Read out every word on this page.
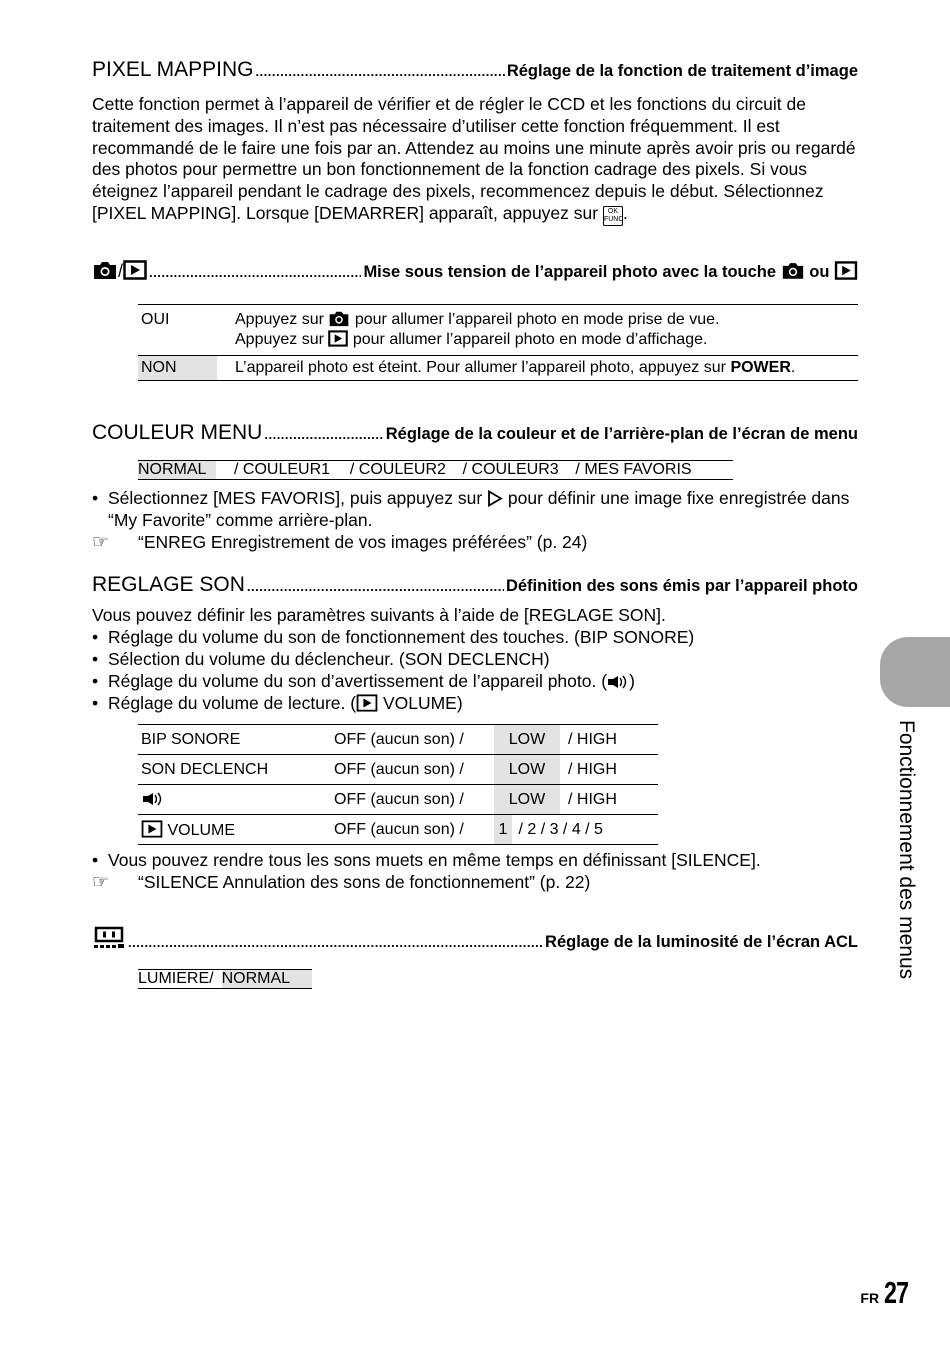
PIXEL MAPPING .....	Réglage de la fonction de traitement d’image

Cette fonction permet à l’appareil de vérifier et de régler le CCD et les fonctions du circuit de traitement des images. Il n’est pas nécessaire d’utiliser cette fonction fréquemment. Il est recommandé de le faire une fois par an. Attendez au moins une minute après avoir pris ou regardé des photos pour permettre un bon fonctionnement de la fonction cadrage des pixels. Si vous éteignez l’appareil pendant le cadrage des pixels, recommencez depuis le début. Sélectionnez [PIXEL MAPPING]. Lorsque [DEMARRER] apparaît, appuyez sur OK
FUNC.

/ .....	Mise sous tension de l’appareil photo avec la touche ou
OUI	Appuyez sur pour allumer l’appareil photo en mode prise de vue.
Appuyez sur pour allumer l’appareil photo en mode d’affichage.
NON	L’appareil photo est éteint. Pour allumer l’appareil photo, appuyez sur POWER.
COULEUR MENU .....	Réglage de la couleur et de l’arrière-plan de l’écran de menu
NORMAL	/ COULEUR1	/ COULEUR2	/ COULEUR3	/ MES FAVORIS
• Sélectionnez [MES FAVORIS], puis appuyez sur pour définir une image fixe enregistrée dans “My Favorite” comme arrière-plan.
☞	“ENREG Enregistrement de vos images préférées” (p. 24)
REGLAGE SON .....	Définition des sons émis par l’appareil photo

Vous pouvez définir les paramètres suivants à l’aide de [REGLAGE SON].

• Réglage du volume du son de fonctionnement des touches. (BIP SONORE)
• Sélection du volume du déclencheur. (SON DECLENCH)
• Réglage du volume du son d’avertissement de l’appareil photo. ( )
• Réglage du volume de lecture. ( VOLUME)
BIP SONORE	OFF (aucun son) /	LOW	/ HIGH
SON DECLENCH	OFF (aucun son) /	LOW	/ HIGH
	OFF (aucun son) /	LOW	/ HIGH
VOLUME	OFF (aucun son) /	1 / 2 / 3 / 4 / 5	
• Vous pouvez rendre tous les sons muets en même temps en définissant [SILENCE].
☞	“SILENCE Annulation des sons de fonctionnement” (p. 22)
.....
Réglage de la luminosité de l’écran ACL
LUMIERE/	NORMAL	Fonctionnement des menus
FR 27
